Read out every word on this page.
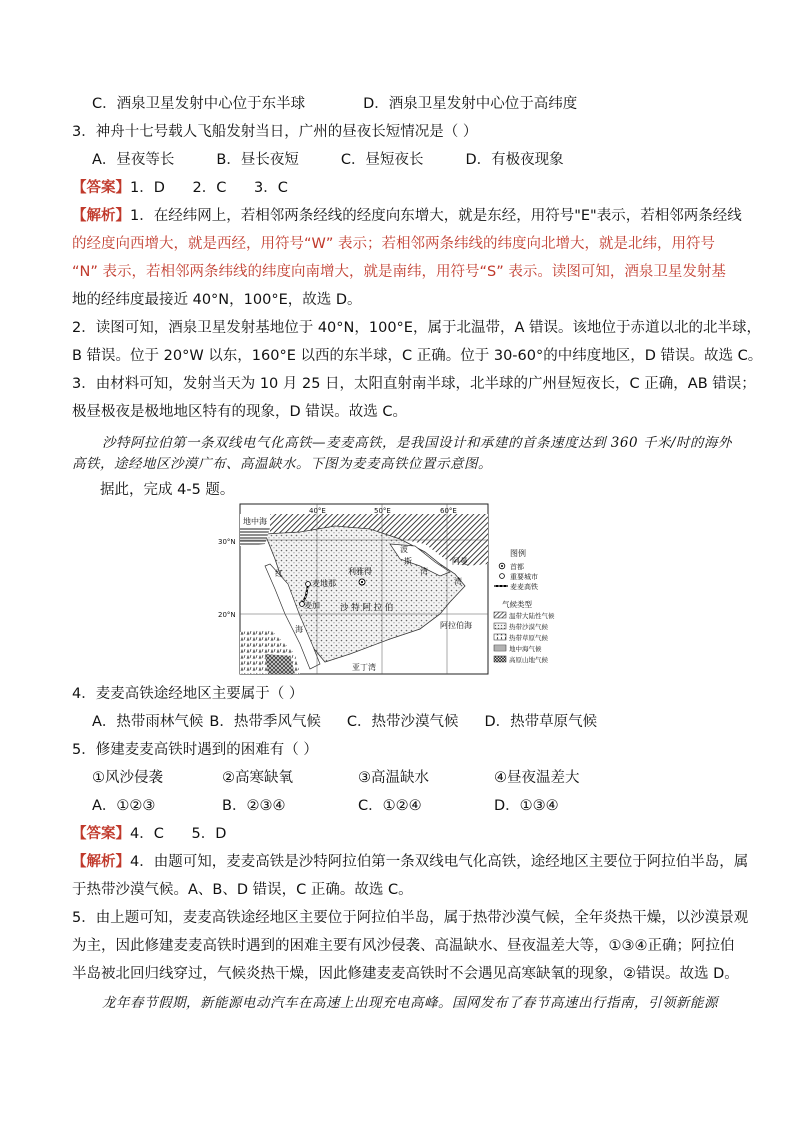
C．酒泉卫星发射中心位于东半球	D．酒泉卫星发射中心位于高纬度
3．神舟十七号载人飞船发射当日，广州的昼夜长短情况是（ ）
A．昼夜等长	B．昼长夜短	C．昼短夜长	D．有极夜现象
【答案】1．D      2．C      3．C
【解析】1．在经纬网上，若相邻两条经线的经度向东增大，就是东经，用符号"E"表示，若相邻两条经线
的经度向西增大，就是西经，用符号“W” 表示；若相邻两条纬线的纬度向北增大，就是北纬，用符号
“N” 表示，若相邻两条纬线的纬度向南增大，就是南纬，用符号“S” 表示。读图可知，酒泉卫星发射基
地的经纬度最接近 40°N，100°E，故选 D。
2．读图可知，酒泉卫星发射基地位于 40°N，100°E，属于北温带，A 错误。该地位于赤道以北的北半球，
B 错误。位于 20°W 以东，160°E 以西的东半球，C 正确。位于 30-60°的中纬度地区，D 错误。故选 C。
3．由材料可知，发射当天为 10 月 25 日，太阳直射南半球，北半球的广州昼短夜长，C 正确，AB 错误；
极昼极夜是极地地区特有的现象，D 错误。故选 C。
沙特阿拉伯第一条双线电气化高铁—麦麦高铁，是我国设计和承建的首条速度达到 360 千米/时的海外
高铁，途经地区沙漠广布、高温缺水。下图为麦麦高铁位置示意图。
据此，完成 4-5 题。
地中海
40°E	50°E	60°E
30°N
20°N
红
海
波
斯
湾
阿曼
湾
麦地那
利雅得
麦加 沙 特 阿 拉 伯
阿拉伯海
亚丁湾
图例
首都
重要城市
麦麦高铁
气候类型
温带大陆性气候
热带沙漠气候
热带草原气候
地中海气候
高原山地气候
4．麦麦高铁途经地区主要属于（ ）
A．热带雨林气候 B．热带季风气候 C．热带沙漠气候 D．热带草原气候
5．修建麦麦高铁时遇到的困难有（ ）
①风沙侵袭	②高寒缺氧	③高温缺水	④昼夜温差大
A．①②③	B．②③④	C．①②④	D．①③④
【答案】4．C      5．D
【解析】4．由题可知，麦麦高铁是沙特阿拉伯第一条双线电气化高铁，途经地区主要位于阿拉伯半岛，属
于热带沙漠气候。A、B、D 错误，C 正确。故选 C。
5．由上题可知，麦麦高铁途经地区主要位于阿拉伯半岛，属于热带沙漠气候，全年炎热干燥，以沙漠景观
为主，因此修建麦麦高铁时遇到的困难主要有风沙侵袭、高温缺水、昼夜温差大等，①③④正确；阿拉伯
半岛被北回归线穿过，气候炎热干燥，因此修建麦麦高铁时不会遇见高寒缺氧的现象，②错误。故选 D。
龙年春节假期，新能源电动汽车在高速上出现充电高峰。国网发布了春节高速出行指南，引领新能源
